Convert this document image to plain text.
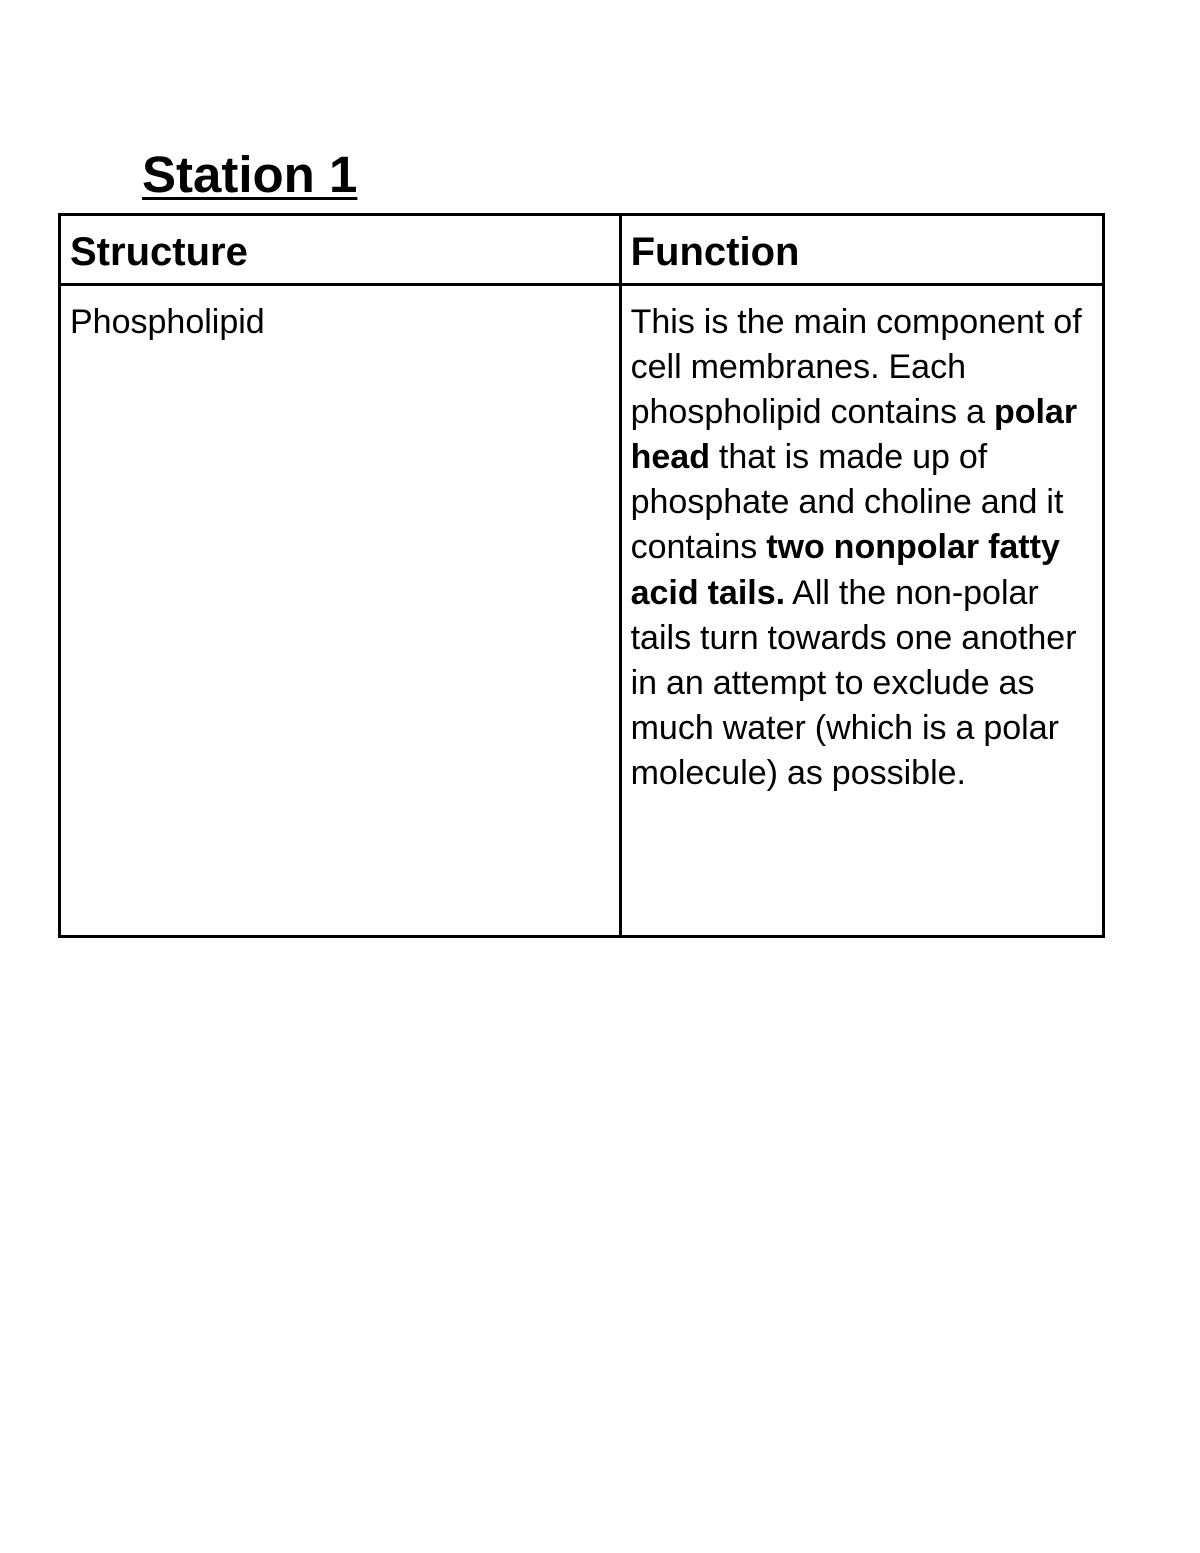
Station 1
Structure	Function
Phospholipid	This is the main component of cell membranes. Each phospholipid contains a polar head that is made up of phosphate and choline and it contains two nonpolar fatty acid tails. All the non-polar tails turn towards one another in an attempt to exclude as much water (which is a polar molecule) as possible.
